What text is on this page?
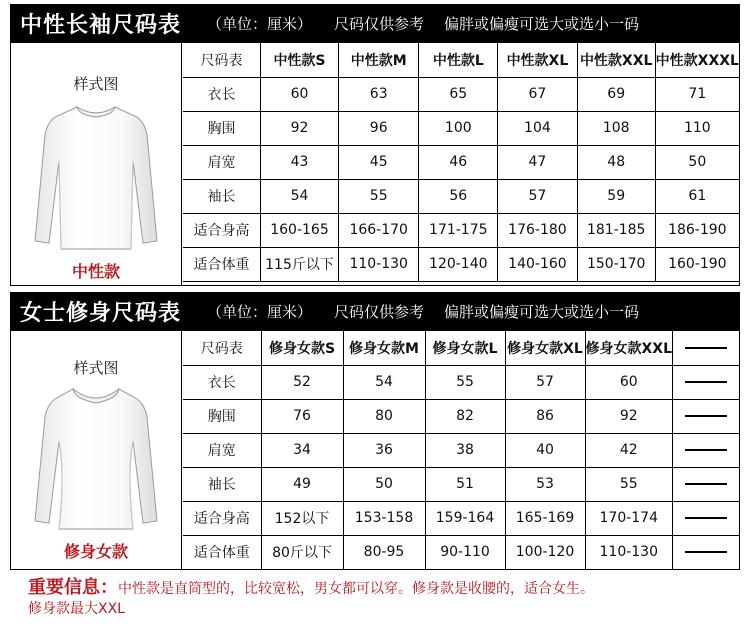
中性长袖尺码表 （单位：厘米） 尺码仅供参考 偏胖或偏瘦可选大或选小一码
样式图
中性款
尺码表	中性款S	中性款M	中性款L	中性款XL	中性款XXL	中性款XXXL
衣长	60	63	65	67	69	71
胸围	92	96	100	104	108	110
肩宽	43	45	46	47	48	50
袖长	54	55	56	57	59	61
适合身高	160-165	166-170	171-175	176-180	181-185	186-190
适合体重	115斤以下	110-130	120-140	140-160	150-170	160-190
女士修身尺码表 （单位：厘米） 尺码仅供参考 偏胖或偏瘦可选大或选小一码
样式图
修身女款
尺码表	修身女款S	修身女款M	修身女款L	修身女款XL	修身女款XXL	
衣长	52	54	55	57	60	
胸围	76	80	82	86	92	
肩宽	34	36	38	40	42	
袖长	49	50	51	53	55	
适合身高	152以下	153-158	159-164	165-169	170-174	
适合体重	80斤以下	80-95	90-110	100-120	110-130	
重要信息：中性款是直筒型的，比较宽松，男女都可以穿。修身款是收腰的，适合女生。
修身款最大XXL
